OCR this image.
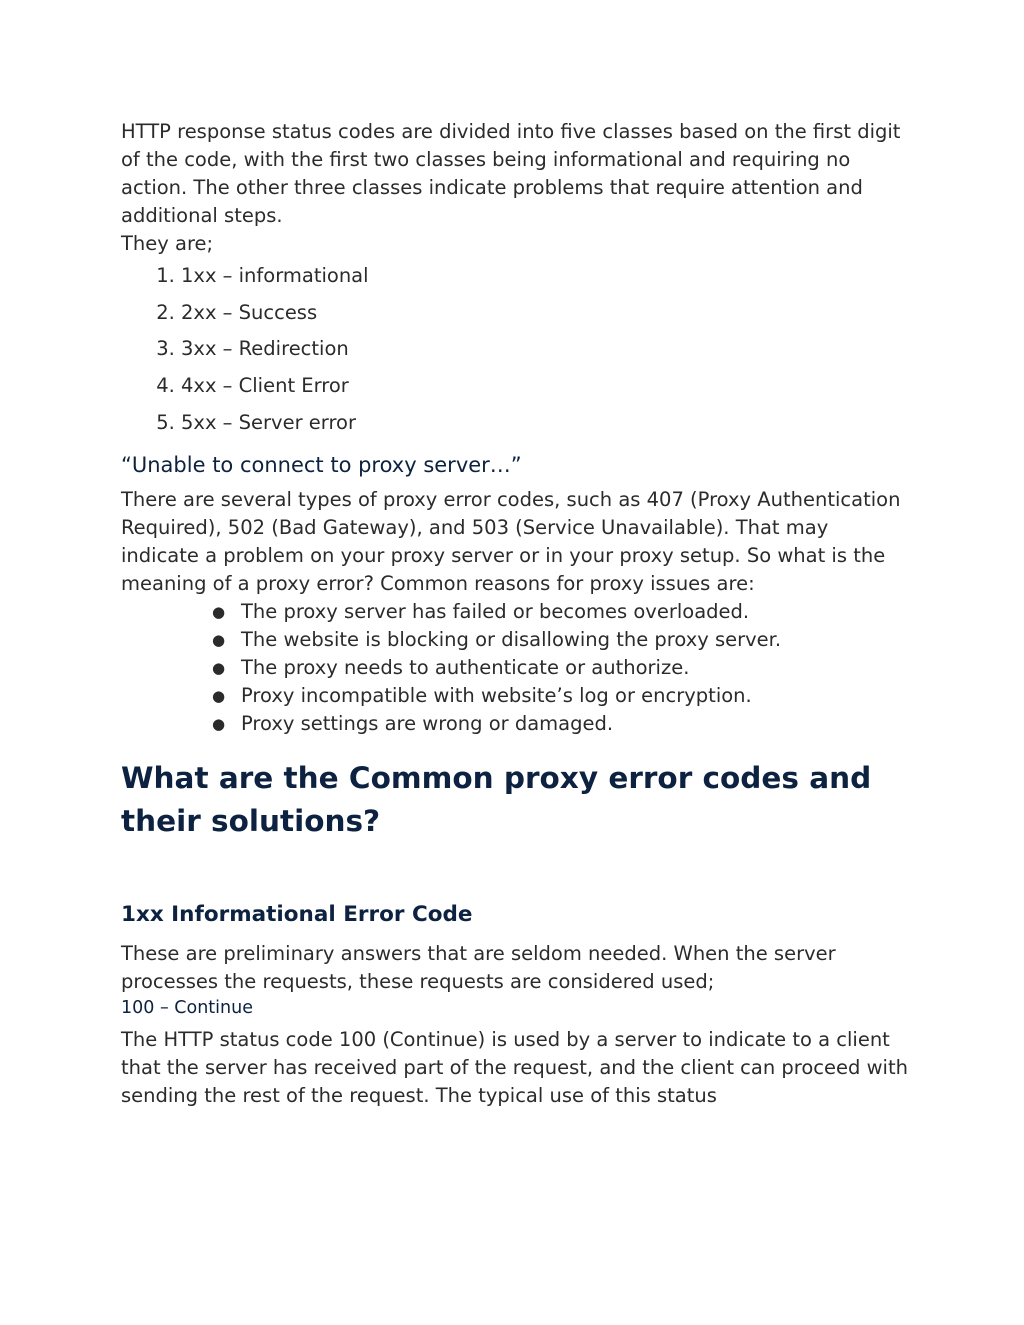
HTTP response status codes are divided into five classes based on the first digit of the code, with the first two classes being informational and requiring no action. The other three classes indicate problems that require attention and additional steps.

They are;

1. 1xx – informational
2. 2xx – Success
3. 3xx – Redirection
4. 4xx – Client Error
5. 5xx – Server error
“Unable to connect to proxy server…”

There are several types of proxy error codes, such as 407 (Proxy Authentication Required), 502 (Bad Gateway), and 503 (Service Unavailable). That may indicate a problem on your proxy server or in your proxy setup. So what is the meaning of a proxy error? Common reasons for proxy issues are:

● The proxy server has failed or becomes overloaded.
● The website is blocking or disallowing the proxy server.
● The proxy needs to authenticate or authorize.
● Proxy incompatible with website’s log or encryption.
● Proxy settings are wrong or damaged.
What are the Common proxy error codes and their solutions?
1xx Informational Error Code

These are preliminary answers that are seldom needed. When the server processes the requests, these requests are considered used;

100 – Continue

The HTTP status code 100 (Continue) is used by a server to indicate to a client that the server has received part of the request, and the client can proceed with sending the rest of the request. The typical use of this status
